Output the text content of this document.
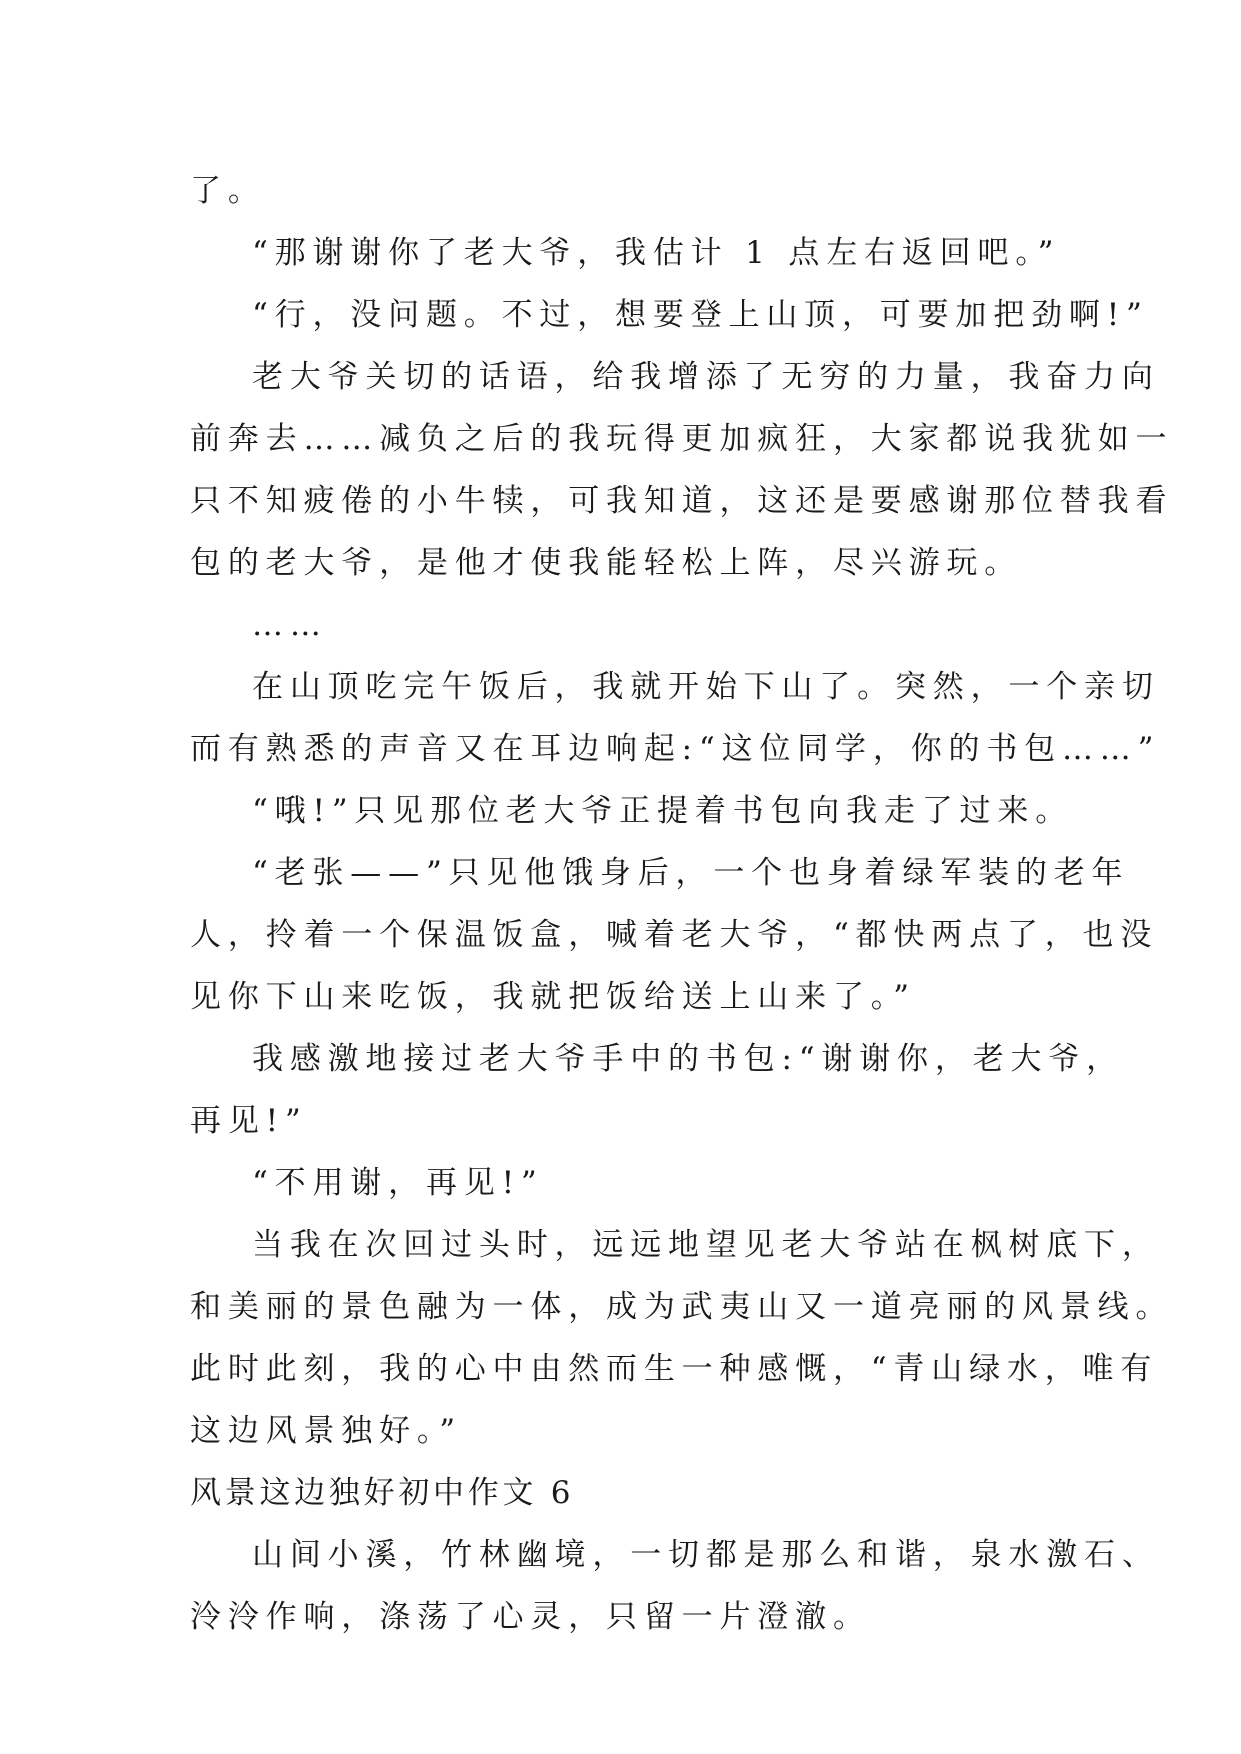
了。
“那谢谢你了老大爷，我估计 1 点左右返回吧。”
“行，没问题。不过，想要登上山顶，可要加把劲啊!”
老大爷关切的话语，给我增添了无穷的力量，我奋力向
前奔去……减负之后的我玩得更加疯狂，大家都说我犹如一
只不知疲倦的小牛犊，可我知道，这还是要感谢那位替我看
包的老大爷，是他才使我能轻松上阵，尽兴游玩。
……
在山顶吃完午饭后，我就开始下山了。突然，一个亲切
而有熟悉的声音又在耳边响起:“这位同学，你的书包……”
“哦!”只见那位老大爷正提着书包向我走了过来。
“老张——”只见他饿身后，一个也身着绿军装的老年
人，拎着一个保温饭盒，喊着老大爷，“都快两点了，也没
见你下山来吃饭，我就把饭给送上山来了。”
我感激地接过老大爷手中的书包:“谢谢你，老大爷，
再见!”
“不用谢，再见!”
当我在次回过头时，远远地望见老大爷站在枫树底下，
和美丽的景色融为一体，成为武夷山又一道亮丽的风景线。
此时此刻，我的心中由然而生一种感慨，“青山绿水，唯有
这边风景独好。”
风景这边独好初中作文 6
山间小溪，竹林幽境，一切都是那么和谐，泉水激石、
泠泠作响，涤荡了心灵，只留一片澄澈。
